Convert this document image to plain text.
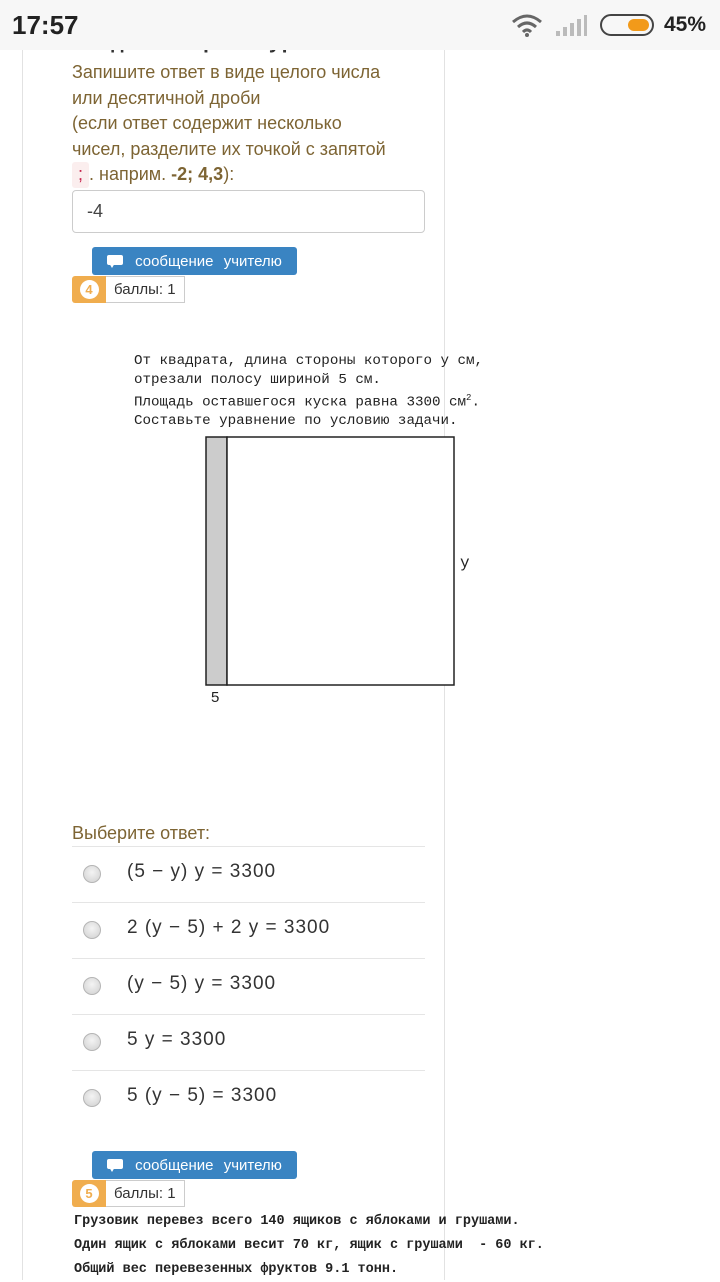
17:57	45%
Запишите ответ в виде целого числа
или десятичной дроби
(если ответ содержит несколько
чисел, разделите их точкой с запятой
; . наприм. -2; 4,3):
-4
сообщение учителю
4	баллы: 1
От квадрата, длина стороны которого y см,
отрезали полосу шириной 5 см.
Площадь оставшегося куска равна 3300 $см^2$.
Составьте уравнение по условию задачи.
y
5
Выберите ответ:
(5 − y) y = 3300
2 (y − 5) + 2 y = 3300
(y − 5) y = 3300
5 y = 3300
5 (y − 5) = 3300
сообщение учителю
5	баллы: 1
Грузовик перевез всего 140 ящиков с яблоками и грушами.
Один ящик с яблоками весит 70 кг, ящик с грушами  - 60 кг.
Общий вес перевезенных фруктов 9.1 тонн.
